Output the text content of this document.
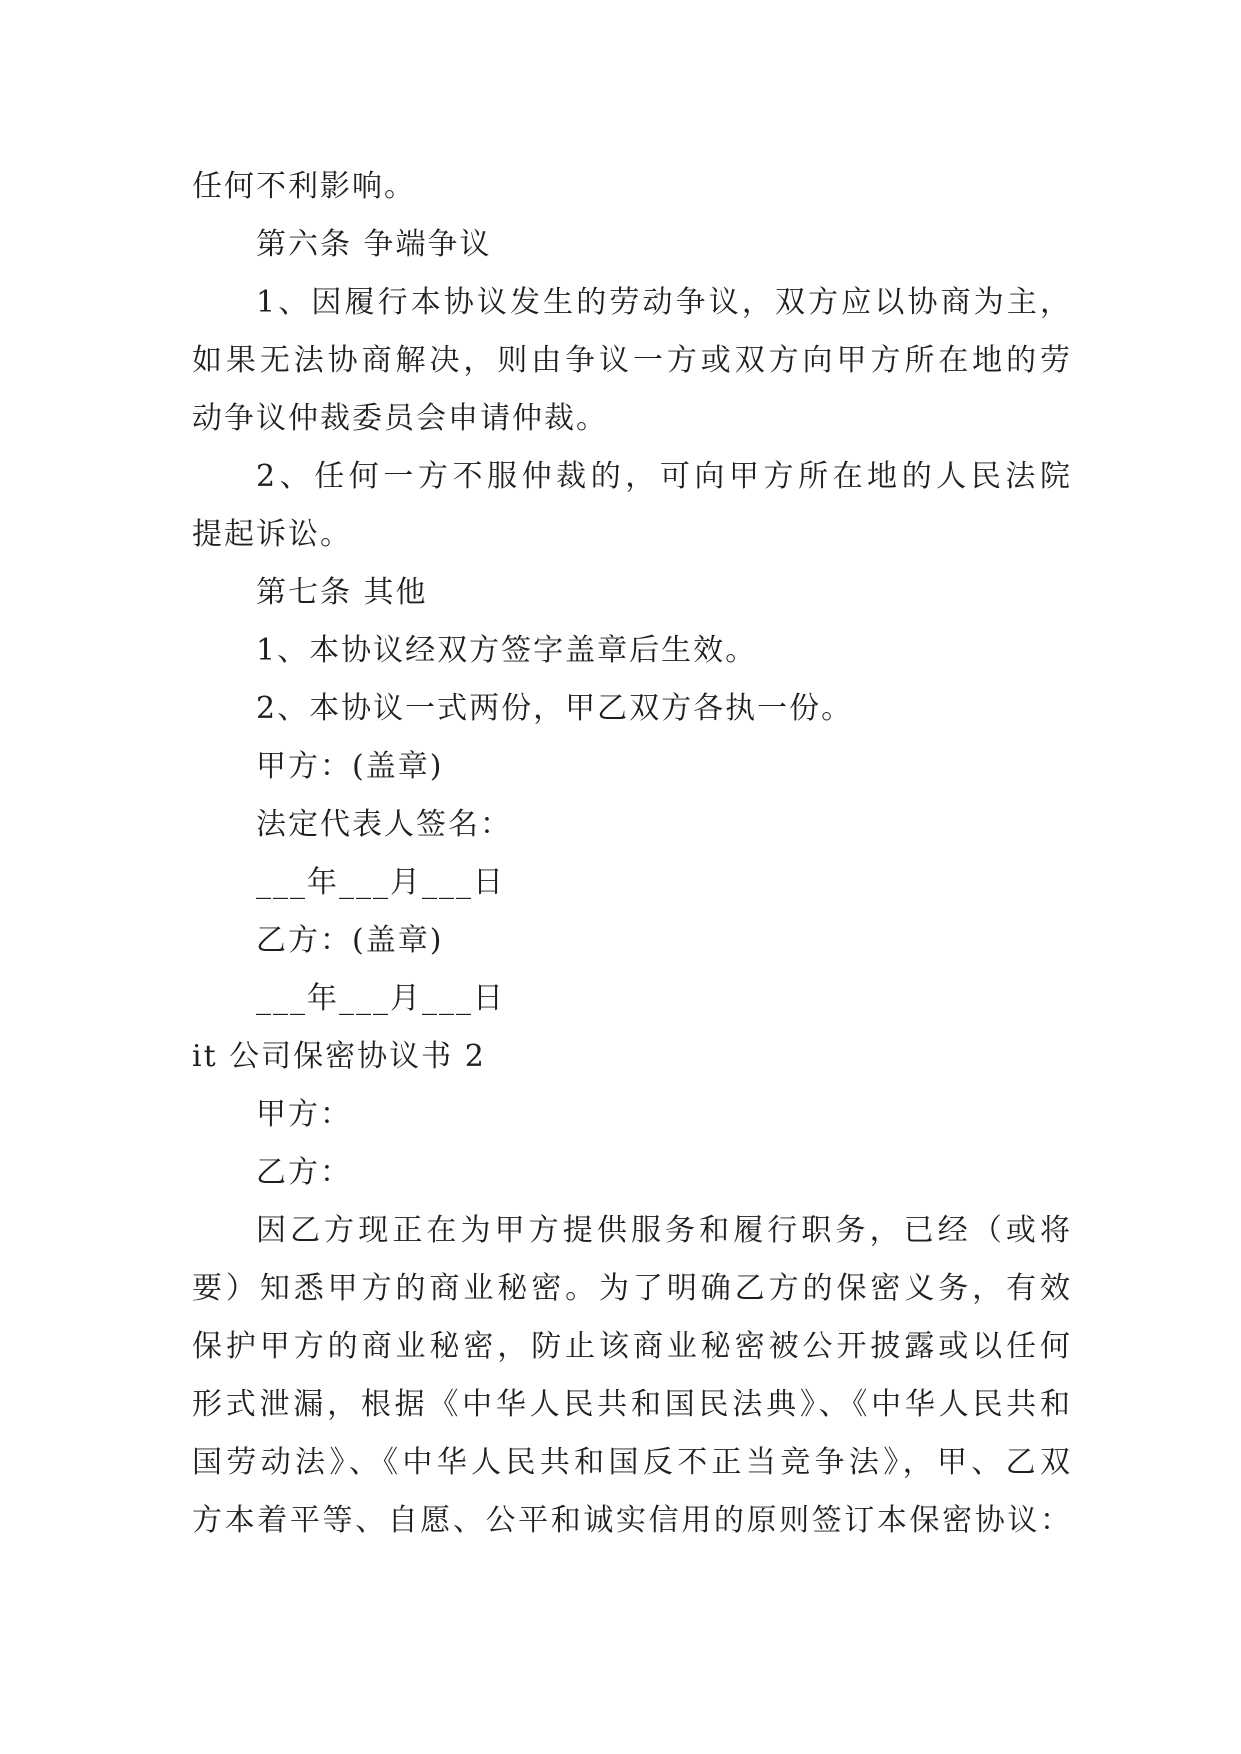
任何不利影响。
第六条 争端争议
1、因履行本协议发生的劳动争议，双方应以协商为主，
如果无法协商解决，则由争议一方或双方向甲方所在地的劳
动争议仲裁委员会申请仲裁。
2、任何一方不服仲裁的，可向甲方所在地的人民法院
提起诉讼。
第七条 其他
1、本协议经双方签字盖章后生效。
2、本协议一式两份，甲乙双方各执一份。
甲方：(盖章)
法定代表人签名：
___年___月___日
乙方：(盖章)
___年___月___日
it 公司保密协议书 2
甲方：
乙方：
因乙方现正在为甲方提供服务和履行职务，已经（或将
要）知悉甲方的商业秘密。为了明确乙方的保密义务，有效
保护甲方的商业秘密，防止该商业秘密被公开披露或以任何
形式泄漏，根据《中华人民共和国民法典》、《中华人民共和
国劳动法》、《中华人民共和国反不正当竞争法》，甲、乙双
方本着平等、自愿、公平和诚实信用的原则签订本保密协议：
